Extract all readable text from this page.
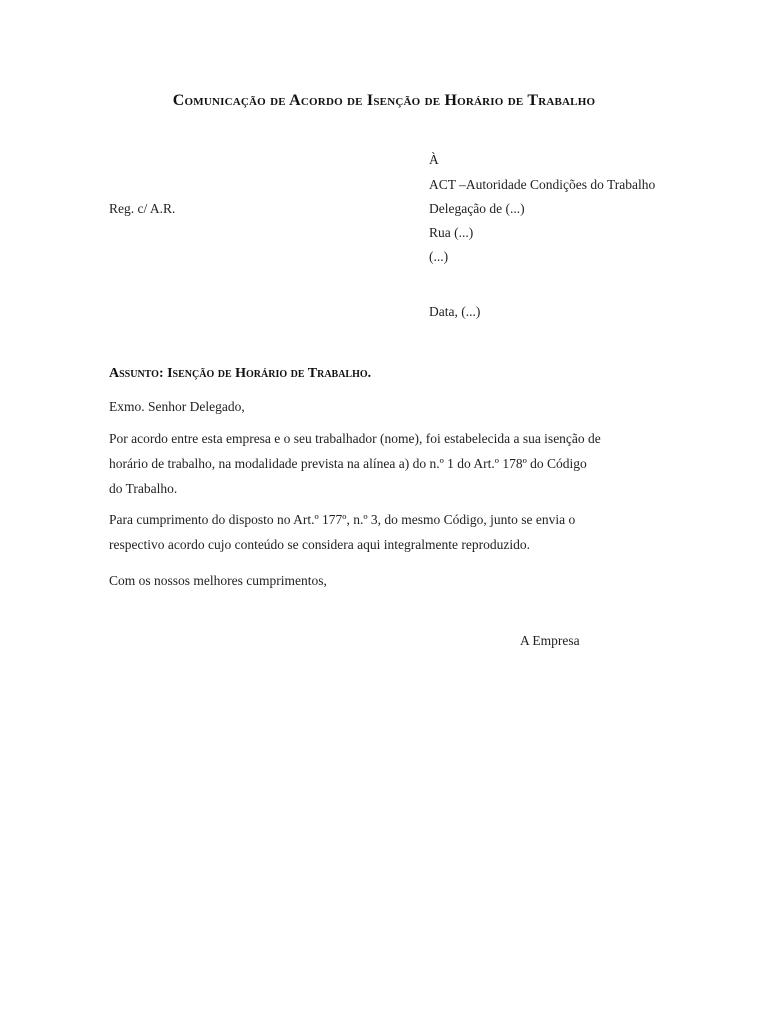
Comunicação de Acordo de Isenção de Horário de Trabalho
À
ACT –Autoridade Condições do Trabalho
Delegação de (...)
Rua (...)
(...)
Reg. c/ A.R.
Data, (...)
Assunto: Isenção de Horário de Trabalho.
Exmo. Senhor Delegado,
Por acordo entre esta empresa e o seu trabalhador (nome), foi estabelecida a sua isenção de
horário de trabalho, na modalidade prevista na alínea a) do n.º 1 do Art.º 178º do Código
do Trabalho.
Para cumprimento do disposto no Art.º 177º, n.º 3, do mesmo Código, junto se envia o
respectivo acordo cujo conteúdo se considera aqui integralmente reproduzido.
Com os nossos melhores cumprimentos,
A Empresa
